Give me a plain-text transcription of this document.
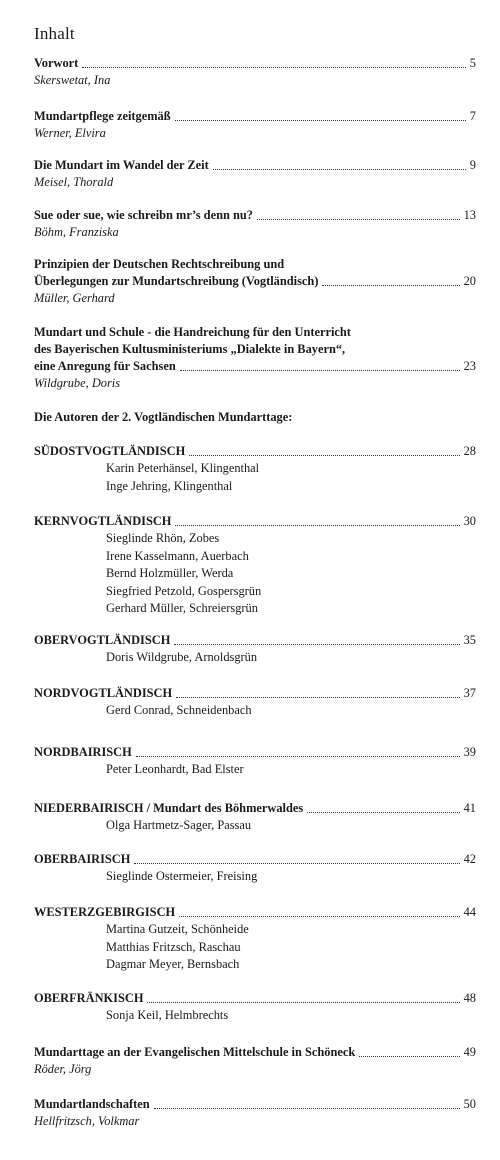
Inhalt
Vorwort	5
Skerswetat, Ina
Mundartpflege zeitgemäß	7
Werner, Elvira
Die Mundart im Wandel der Zeit	9
Meisel, Thorald
Sue oder sue, wie schreibn mr’s denn nu?	13
Böhm, Franziska
Prinzipien der Deutschen Rechtschreibung und
Überlegungen zur Mundartschreibung (Vogtländisch)	20
Müller, Gerhard
Mundart und Schule - die Handreichung für den Unterricht
des Bayerischen Kultusministeriums „Dialekte in Bayern“,
eine Anregung für Sachsen	23
Wildgrube, Doris
Die Autoren der 2. Vogtländischen Mundarttage:
SÜDOSTVOGTLÄNDISCH	28
Karin Peterhänsel, Klingenthal
Inge Jehring, Klingenthal
KERNVOGTLÄNDISCH	30
Sieglinde Rhön, Zobes
Irene Kasselmann, Auerbach
Bernd Holzmüller, Werda
Siegfried Petzold, Gospersgrün
Gerhard Müller, Schreiersgrün
OBERVOGTLÄNDISCH	35
Doris Wildgrube, Arnoldsgrün
NORDVOGTLÄNDISCH	37
Gerd Conrad, Schneidenbach
NORDBAIRISCH	39
Peter Leonhardt, Bad Elster
NIEDERBAIRISCH / Mundart des Böhmerwaldes	41
Olga Hartmetz-Sager, Passau
OBERBAIRISCH	42
Sieglinde Ostermeier, Freising
WESTERZGEBIRGISCH	44
Martina Gutzeit, Schönheide
Matthias Fritzsch, Raschau
Dagmar Meyer, Bernsbach
OBERFRÄNKISCH	48
Sonja Keil, Helmbrechts
Mundarttage an der Evangelischen Mittelschule in Schöneck	49
Röder, Jörg
Mundartlandschaften	50
Hellfritzsch, Volkmar
